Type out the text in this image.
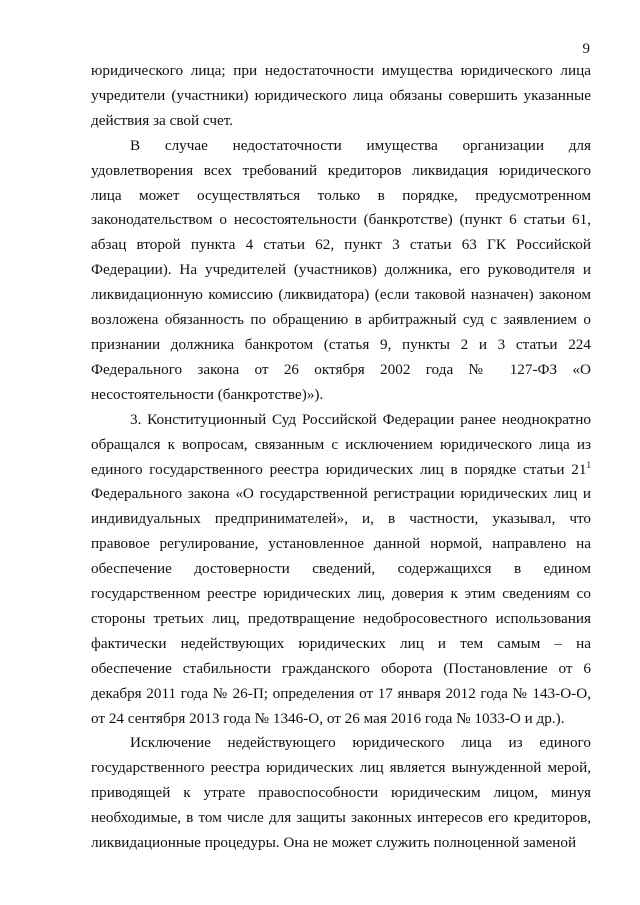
9

юридического лица; при недостаточности имущества юридического лица учредители (участники) юридического лица обязаны совершить указанные действия за свой счет.

В случае недостаточности имущества организации для удовлетворения всех требований кредиторов ликвидация юридического лица может осуществляться только в порядке, предусмотренном законодательством о несостоятельности (банкротстве) (пункт 6 статьи 61, абзац второй пункта 4 статьи 62, пункт 3 статьи 63 ГК Российской Федерации). На учредителей (участников) должника, его руководителя и ликвидационную комиссию (ликвидатора) (если таковой назначен) законом возложена обязанность по обращению в арбитражный суд с заявлением о признании должника банкротом (статья 9, пункты 2 и 3 статьи 224 Федерального закона от 26 октября 2002 года № 127-ФЗ «О несостоятельности (банкротстве)»).

3. Конституционный Суд Российской Федерации ранее неоднократно обращался к вопросам, связанным с исключением юридического лица из единого государственного реестра юридических лиц в порядке статьи $21^1$ Федерального закона «О государственной регистрации юридических лиц и индивидуальных предпринимателей», и, в частности, указывал, что правовое регулирование, установленное данной нормой, направлено на обеспечение достоверности сведений, содержащихся в едином государственном реестре юридических лиц, доверия к этим сведениям со стороны третьих лиц, предотвращение недобросовестного использования фактически недействующих юридических лиц и тем самым – на обеспечение стабильности гражданского оборота (Постановление от 6 декабря 2011 года № 26-П; определения от 17 января 2012 года № 143-О-О, от 24 сентября 2013 года № 1346-О, от 26 мая 2016 года № 1033-О и др.).

Исключение недействующего юридического лица из единого государственного реестра юридических лиц является вынужденной мерой, приводящей к утрате правоспособности юридическим лицом, минуя необходимые, в том числе для защиты законных интересов его кредиторов, ликвидационные процедуры. Она не может служить полноценной заменой
